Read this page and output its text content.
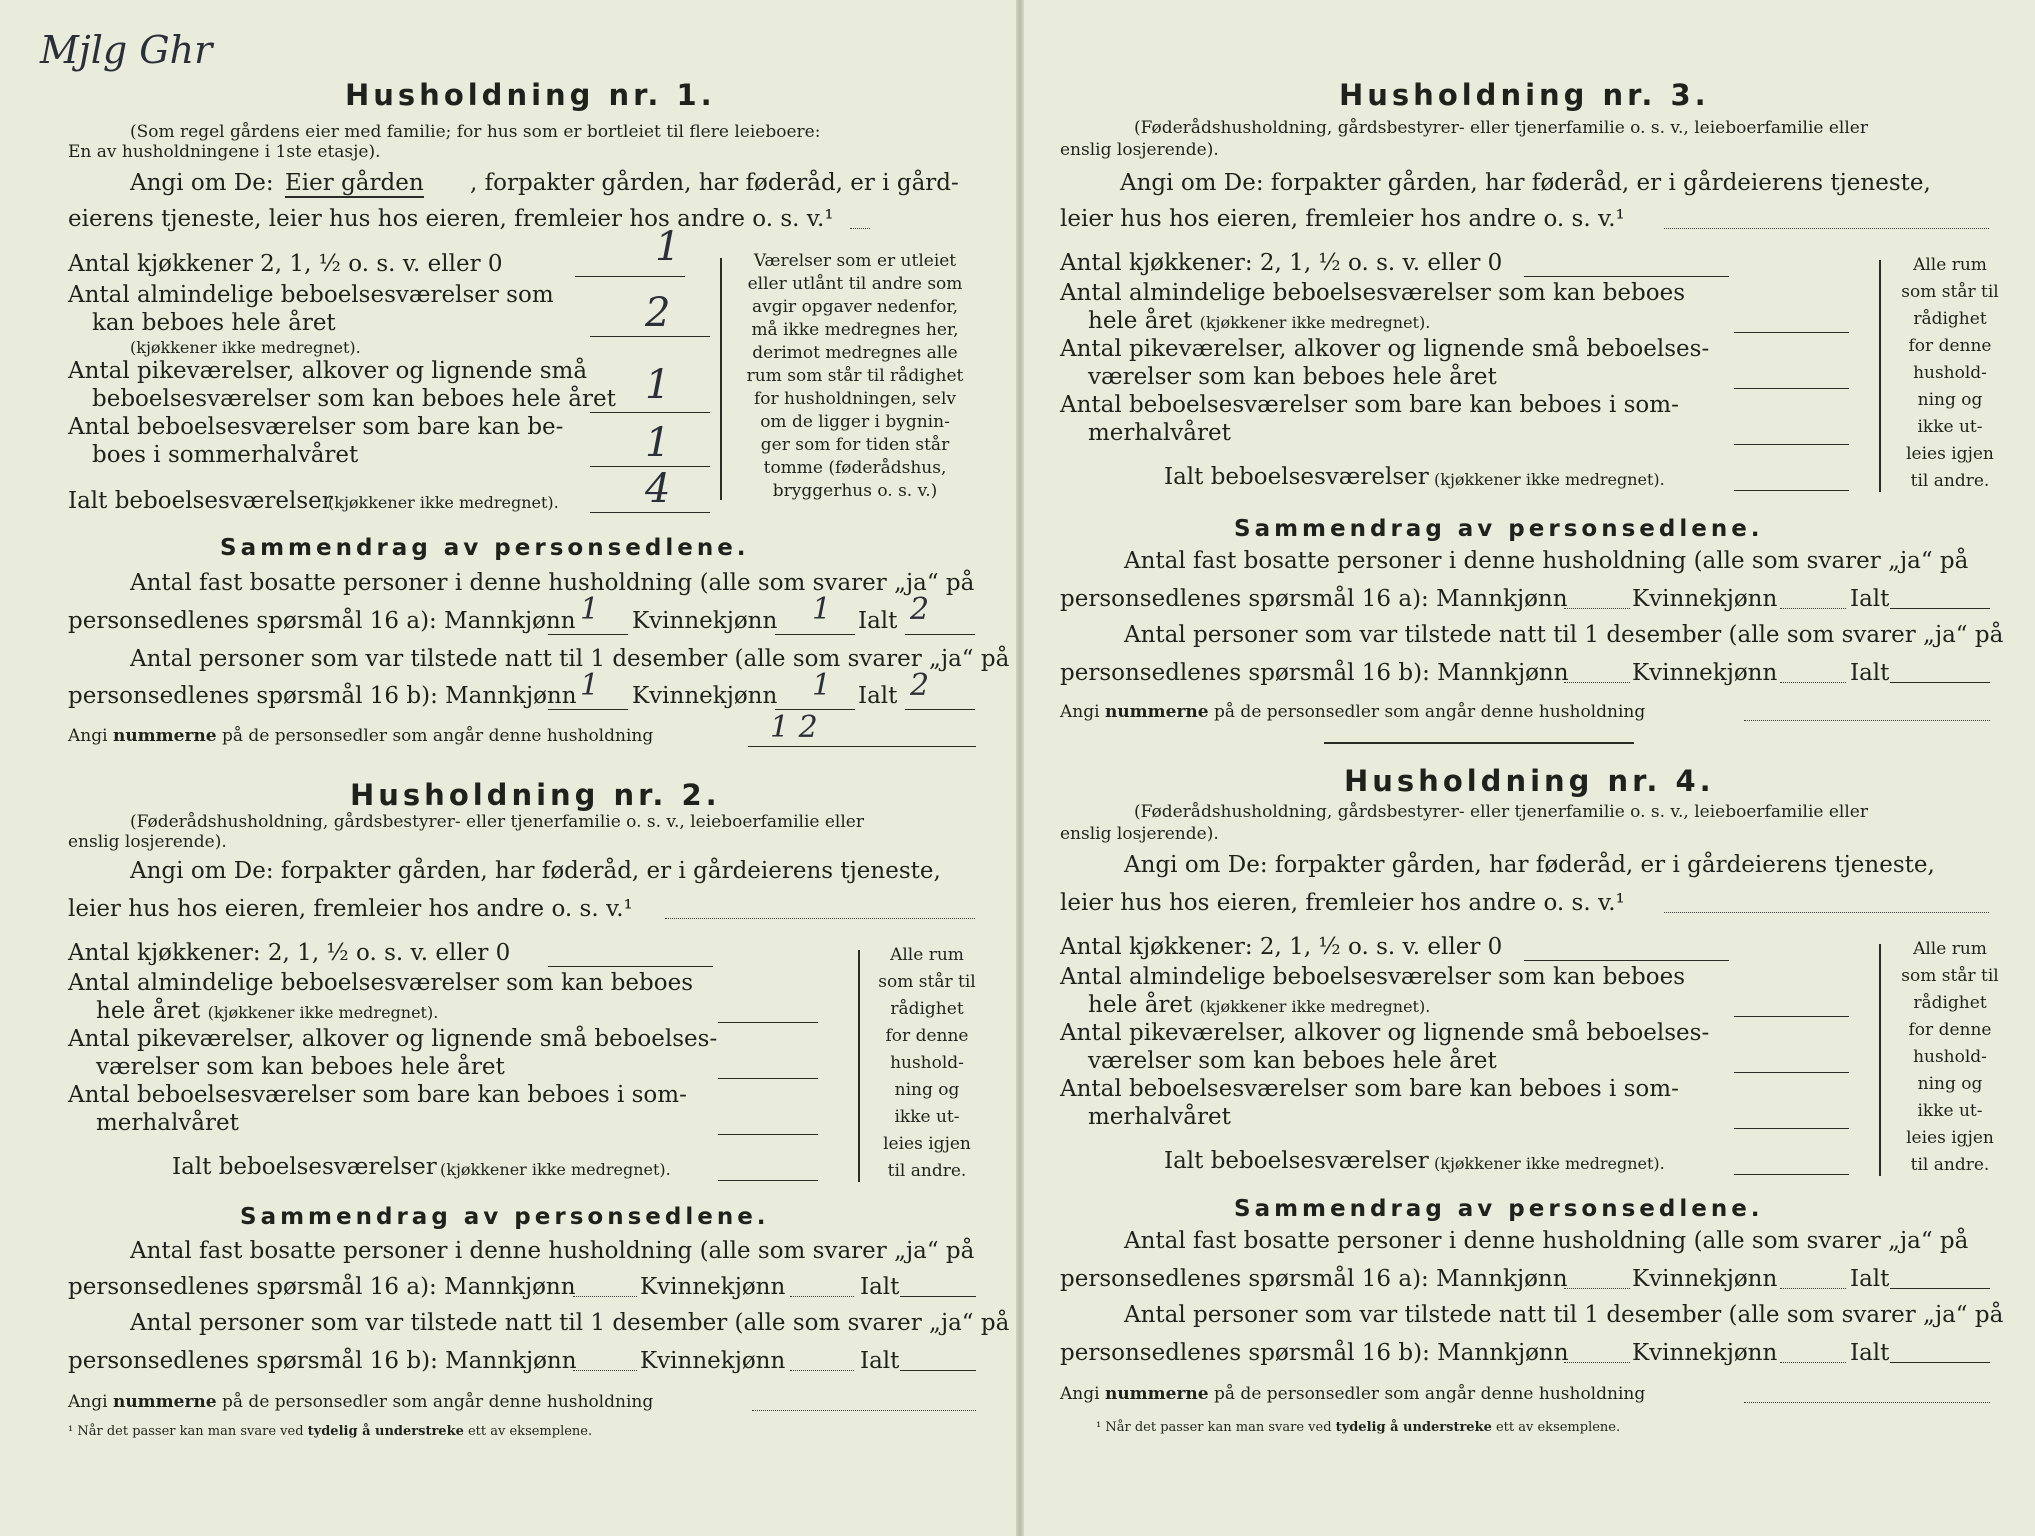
Mjlg Ghr
Husholdning nr. 1.
(Som regel gårdens eier med familie; for hus som er bortleiet til flere leieboere:
En av husholdningene i 1ste etasje).
Angi om De: Eier gården , forpakter gården, har føderåd, er i gård-
eierens tjeneste, leier hus hos eieren, fremleier hos andre o. s. v.¹
Antal kjøkkener 2, 1, ½ o. s. v. eller 0	1
Antal almindelige beboelsesværelser som
kan beboes hele året
(kjøkkener ikke medregnet).
2
Antal pikeværelser, alkover og lignende små
beboelsesværelser som kan beboes hele året 1
Antal beboelsesværelser som bare kan be-
boes i sommerhalvåret	1
Ialt beboelsesværelser
(kjøkkener ikke medregnet). 4
Værelser som er utleiet
eller utlånt til andre som
avgir opgaver nedenfor,
må ikke medregnes her,
derimot medregnes alle
rum som står til rådighet
for husholdningen, selv
om de ligger i bygnin-
ger som for tiden står
tomme (føderådshus,
bryggerhus o. s. v.)
Sammendrag av personsedlene.
Antal fast bosatte personer i denne husholdning (alle som svarer „ja“ på
personsedlenes spørsmål 16 a): Mannkjønn 1 Kvinnekjønn 1 Ialt 2
Antal personer som var tilstede natt til 1 desember (alle som svarer „ja“ på
personsedlenes spørsmål 16 b): Mannkjønn 1 Kvinnekjønn 1 Ialt 2
Angi nummerne på de personsedler som angår denne husholdning	1 2
Husholdning nr. 2.
(Føderådshusholdning, gårdsbestyrer- eller tjenerfamilie o. s. v., leieboerfamilie eller
enslig losjerende).
Angi om De: forpakter gården, har føderåd, er i gårdeierens tjeneste,
leier hus hos eieren, fremleier hos andre o. s. v.¹
Antal kjøkkener: 2, 1, ½ o. s. v. eller 0
Antal almindelige beboelsesværelser som kan beboes
hele året (kjøkkener ikke medregnet).
Antal pikeværelser, alkover og lignende små beboelses-
værelser som kan beboes hele året
Antal beboelsesværelser som bare kan beboes i som-
merhalvåret
Ialt beboelsesværelser (kjøkkener ikke medregnet).
Alle rum
som står til
rådighet
for denne
hushold-
ning og
ikke ut-
leies igjen
til andre.
Sammendrag av personsedlene.
Antal fast bosatte personer i denne husholdning (alle som svarer „ja“ på
personsedlenes spørsmål 16 a): Mannkjønn	Kvinnekjønn	Ialt
Antal personer som var tilstede natt til 1 desember (alle som svarer „ja“ på
personsedlenes spørsmål 16 b): Mannkjønn	Kvinnekjønn	Ialt
Angi nummerne på de personsedler som angår denne husholdning
¹ Når det passer kan man svare ved tydelig å understreke ett av eksemplene.
Husholdning nr. 3.
(Føderådshusholdning, gårdsbestyrer- eller tjenerfamilie o. s. v., leieboerfamilie eller
enslig losjerende).
Angi om De: forpakter gården, har føderåd, er i gårdeierens tjeneste,
leier hus hos eieren, fremleier hos andre o. s. v.¹
Antal kjøkkener: 2, 1, ½ o. s. v. eller 0
Antal almindelige beboelsesværelser som kan beboes
hele året (kjøkkener ikke medregnet).
Antal pikeværelser, alkover og lignende små beboelses-
værelser som kan beboes hele året
Antal beboelsesværelser som bare kan beboes i som-
merhalvåret
Ialt beboelsesværelser (kjøkkener ikke medregnet).
Alle rum
som står til
rådighet
for denne
hushold-
ning og
ikke ut-
leies igjen
til andre.
Sammendrag av personsedlene.
Antal fast bosatte personer i denne husholdning (alle som svarer „ja“ på
personsedlenes spørsmål 16 a): Mannkjønn	Kvinnekjønn	Ialt
Antal personer som var tilstede natt til 1 desember (alle som svarer „ja“ på
personsedlenes spørsmål 16 b): Mannkjønn	Kvinnekjønn	Ialt
Angi nummerne på de personsedler som angår denne husholdning
Husholdning nr. 4.
(Føderådshusholdning, gårdsbestyrer- eller tjenerfamilie o. s. v., leieboerfamilie eller
enslig losjerende).
Angi om De: forpakter gården, har føderåd, er i gårdeierens tjeneste,
leier hus hos eieren, fremleier hos andre o. s. v.¹
Antal kjøkkener: 2, 1, ½ o. s. v. eller 0
Antal almindelige beboelsesværelser som kan beboes
hele året (kjøkkener ikke medregnet).
Antal pikeværelser, alkover og lignende små beboelses-
værelser som kan beboes hele året
Antal beboelsesværelser som bare kan beboes i som-
merhalvåret
Ialt beboelsesværelser (kjøkkener ikke medregnet).
Alle rum
som står til
rådighet
for denne
hushold-
ning og
ikke ut-
leies igjen
til andre.
Sammendrag av personsedlene.
Antal fast bosatte personer i denne husholdning (alle som svarer „ja“ på
personsedlenes spørsmål 16 a): Mannkjønn	Kvinnekjønn	Ialt
Antal personer som var tilstede natt til 1 desember (alle som svarer „ja“ på
personsedlenes spørsmål 16 b): Mannkjønn	Kvinnekjønn	Ialt
Angi nummerne på de personsedler som angår denne husholdning
¹ Når det passer kan man svare ved tydelig å understreke ett av eksemplene.
